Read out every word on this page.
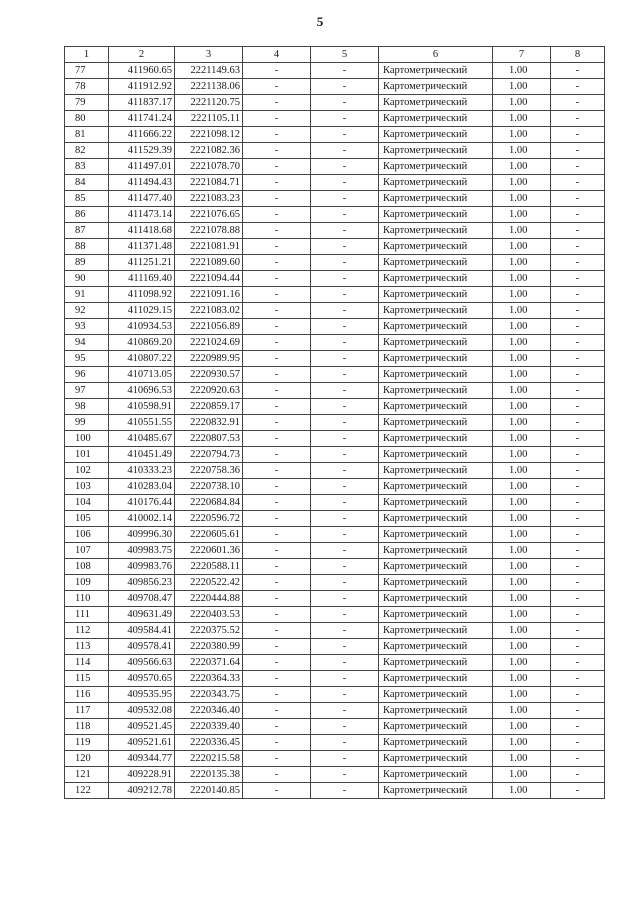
5
1	2	3	4	5	6	7	8
77	411960.65	2221149.63	-	-	Картометрический	1.00	-
78	411912.92	2221138.06	-	-	Картометрический	1.00	-
79	411837.17	2221120.75	-	-	Картометрический	1.00	-
80	411741.24	2221105.11	-	-	Картометрический	1.00	-
81	411666.22	2221098.12	-	-	Картометрический	1.00	-
82	411529.39	2221082.36	-	-	Картометрический	1.00	-
83	411497.01	2221078.70	-	-	Картометрический	1.00	-
84	411494.43	2221084.71	-	-	Картометрический	1.00	-
85	411477.40	2221083.23	-	-	Картометрический	1.00	-
86	411473.14	2221076.65	-	-	Картометрический	1.00	-
87	411418.68	2221078.88	-	-	Картометрический	1.00	-
88	411371.48	2221081.91	-	-	Картометрический	1.00	-
89	411251.21	2221089.60	-	-	Картометрический	1.00	-
90	411169.40	2221094.44	-	-	Картометрический	1.00	-
91	411098.92	2221091.16	-	-	Картометрический	1.00	-
92	411029.15	2221083.02	-	-	Картометрический	1.00	-
93	410934.53	2221056.89	-	-	Картометрический	1.00	-
94	410869.20	2221024.69	-	-	Картометрический	1.00	-
95	410807.22	2220989.95	-	-	Картометрический	1.00	-
96	410713.05	2220930.57	-	-	Картометрический	1.00	-
97	410696.53	2220920.63	-	-	Картометрический	1.00	-
98	410598.91	2220859.17	-	-	Картометрический	1.00	-
99	410551.55	2220832.91	-	-	Картометрический	1.00	-
100	410485.67	2220807.53	-	-	Картометрический	1.00	-
101	410451.49	2220794.73	-	-	Картометрический	1.00	-
102	410333.23	2220758.36	-	-	Картометрический	1.00	-
103	410283.04	2220738.10	-	-	Картометрический	1.00	-
104	410176.44	2220684.84	-	-	Картометрический	1.00	-
105	410002.14	2220596.72	-	-	Картометрический	1.00	-
106	409996.30	2220605.61	-	-	Картометрический	1.00	-
107	409983.75	2220601.36	-	-	Картометрический	1.00	-
108	409983.76	2220588.11	-	-	Картометрический	1.00	-
109	409856.23	2220522.42	-	-	Картометрический	1.00	-
110	409708.47	2220444.88	-	-	Картометрический	1.00	-
111	409631.49	2220403.53	-	-	Картометрический	1.00	-
112	409584.41	2220375.52	-	-	Картометрический	1.00	-
113	409578.41	2220380.99	-	-	Картометрический	1.00	-
114	409566.63	2220371.64	-	-	Картометрический	1.00	-
115	409570.65	2220364.33	-	-	Картометрический	1.00	-
116	409535.95	2220343.75	-	-	Картометрический	1.00	-
117	409532.08	2220346.40	-	-	Картометрический	1.00	-
118	409521.45	2220339.40	-	-	Картометрический	1.00	-
119	409521.61	2220336.45	-	-	Картометрический	1.00	-
120	409344.77	2220215.58	-	-	Картометрический	1.00	-
121	409228.91	2220135.38	-	-	Картометрический	1.00	-
122	409212.78	2220140.85	-	-	Картометрический	1.00	-
